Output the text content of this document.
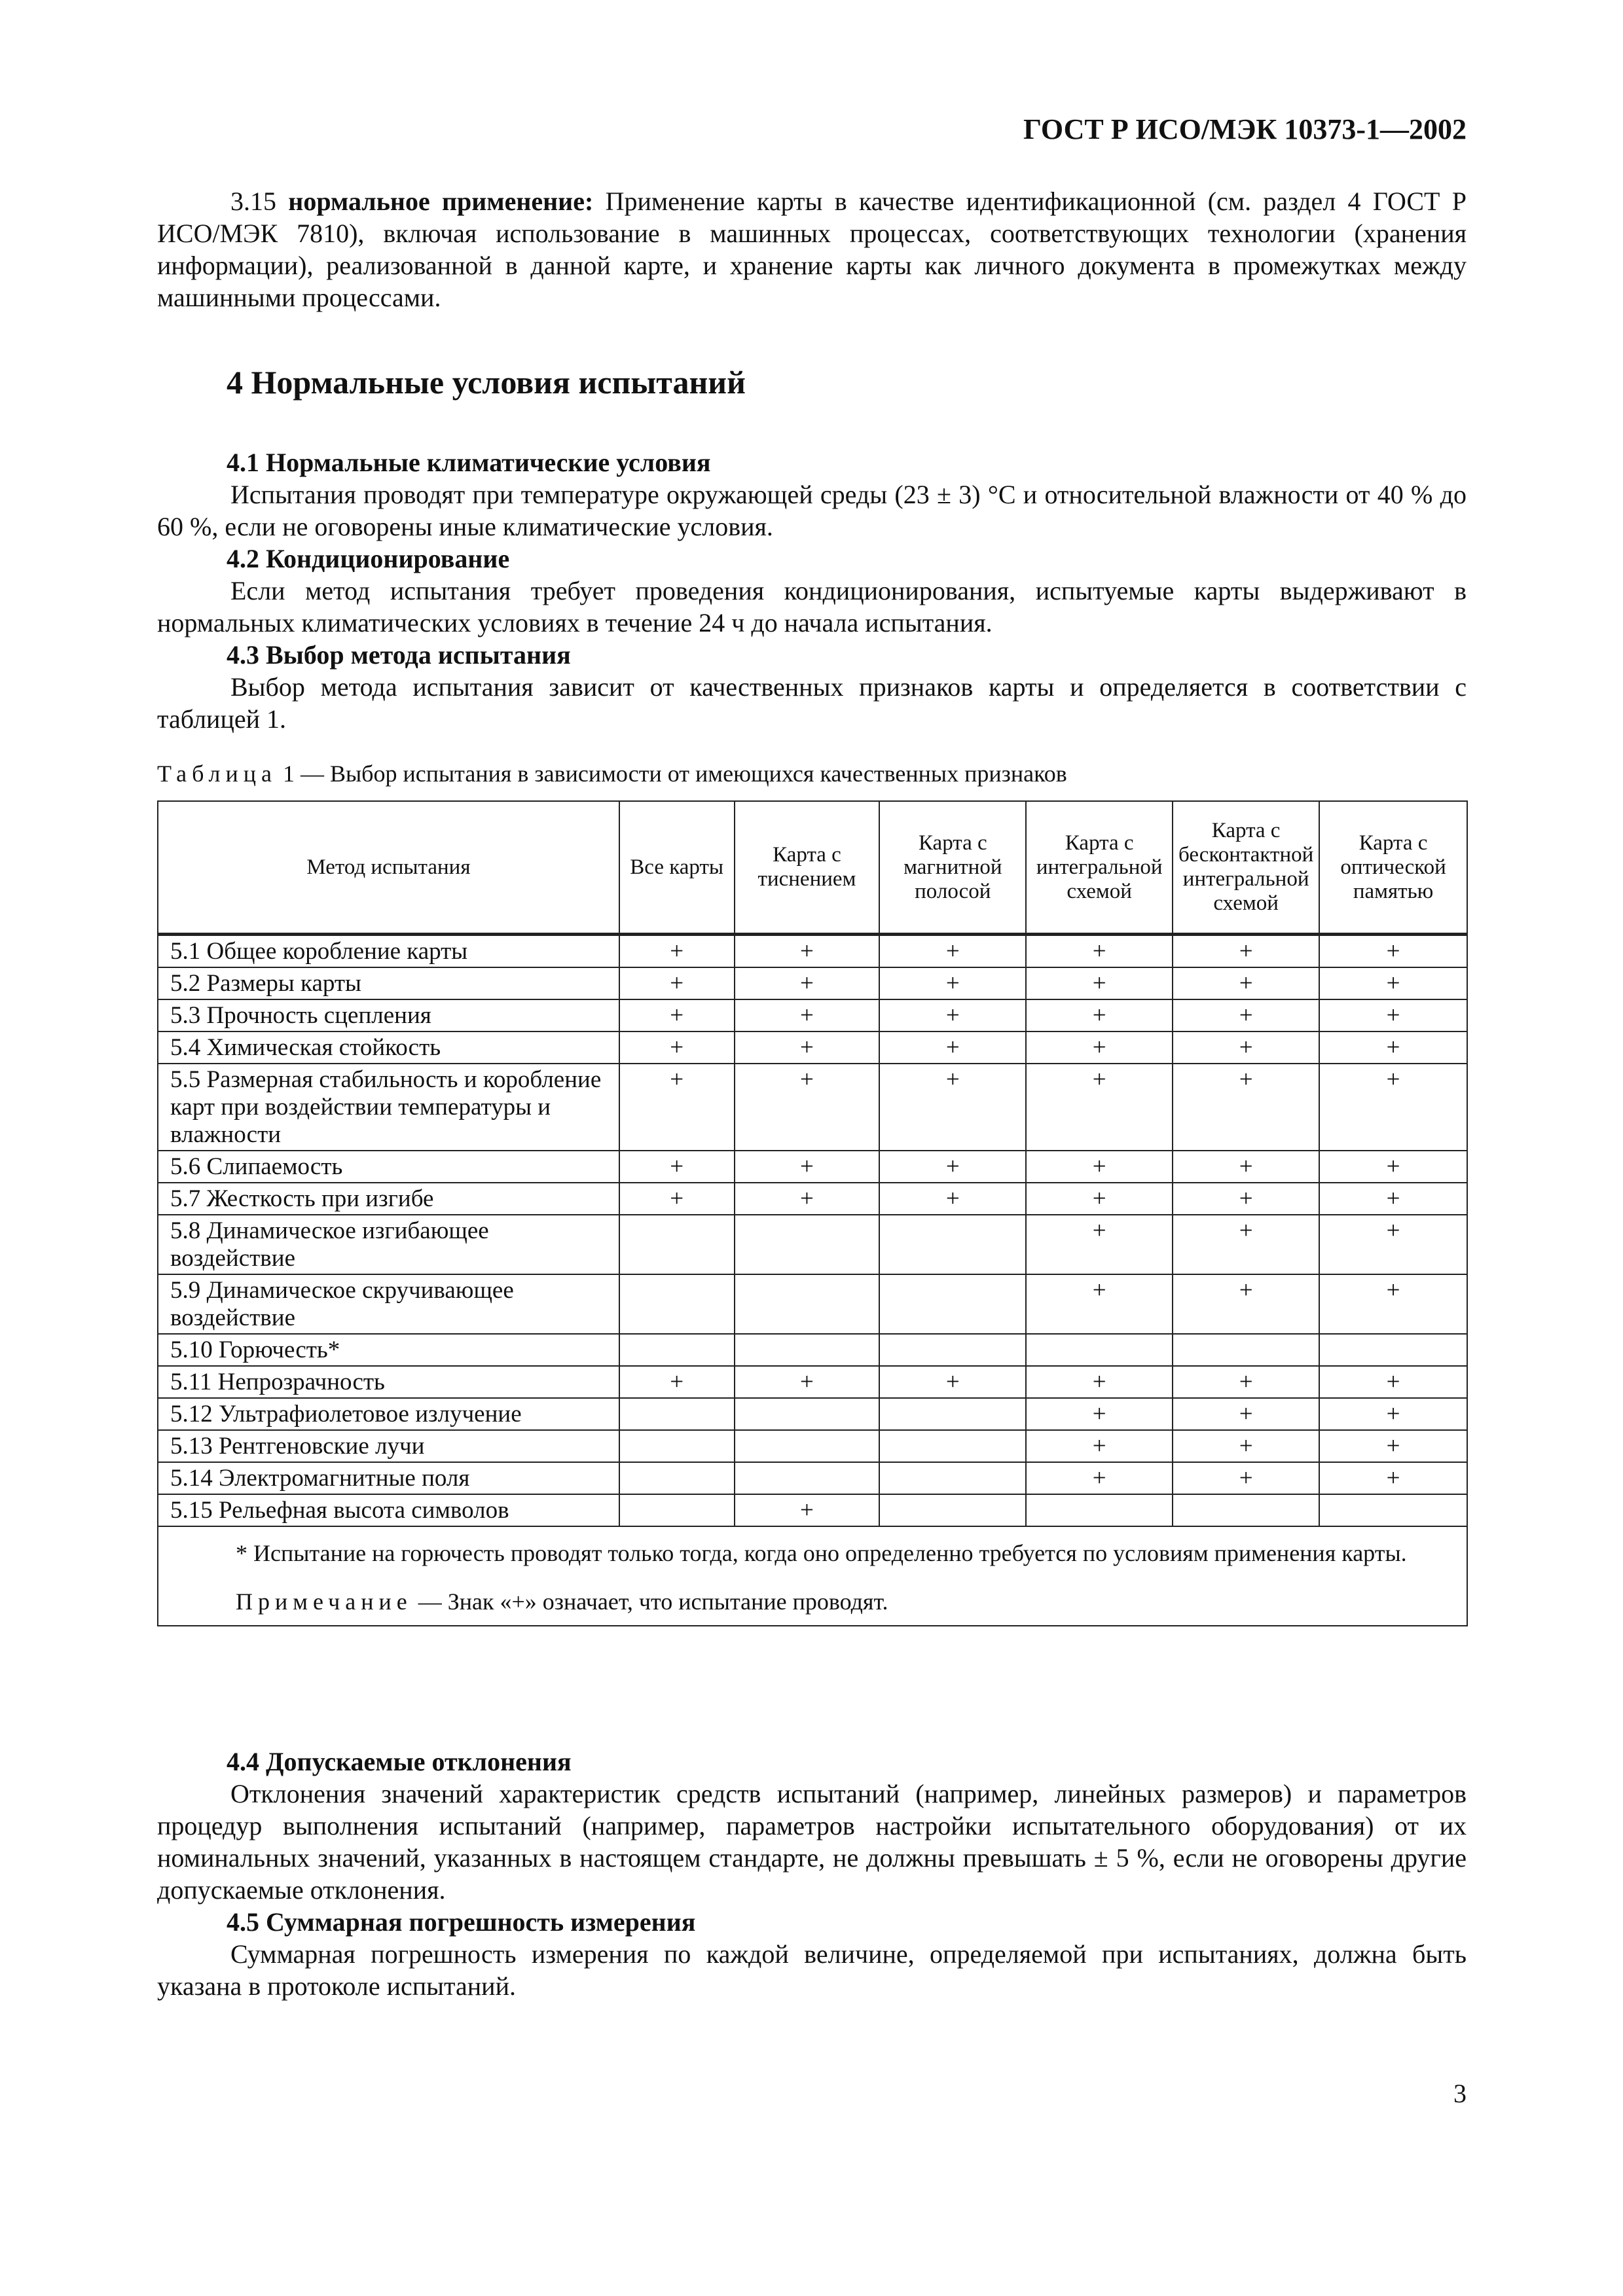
ГОСТ Р ИСО/МЭК 10373-1—2002

3.15 нормальное применение: Применение карты в качестве идентификационной (см. раздел 4 ГОСТ Р ИСО/МЭК 7810), включая использование в машинных процессах, соответствующих технологии (хранения информации), реализованной в данной карте, и хранение карты как личного документа в промежутках между машинными процессами.

4 Нормальные условия испытаний

4.1 Нормальные климатические условия

Испытания проводят при температуре окружающей среды (23 ± 3) °С и относительной влажности от 40 % до 60 %, если не оговорены иные климатические условия.

4.2 Кондиционирование

Если метод испытания требует проведения кондиционирования, испытуемые карты выдерживают в нормальных климатических условиях в течение 24 ч до начала испытания.

4.3 Выбор метода испытания

Выбор метода испытания зависит от качественных признаков карты и определяется в соответствии с таблицей 1.

Таблица 1 — Выбор испытания в зависимости от имеющихся качественных признаков
Метод испытания	Все карты	Карта с тиснением	Карта с магнитной полосой	Карта с интегральной схемой	Карта с бесконтактной интегральной схемой	Карта с оптической памятью
5.1 Общее коробление карты	+	+	+	+	+	+
5.2 Размеры карты	+	+	+	+	+	+
5.3 Прочность сцепления	+	+	+	+	+	+
5.4 Химическая стойкость	+	+	+	+	+	+
5.5 Размерная стабильность и коробление карт при воздействии температуры и влажности	+	+	+	+	+	+
5.6 Слипаемость	+	+	+	+	+	+
5.7 Жесткость при изгибе	+	+	+	+	+	+
5.8 Динамическое изгибающее воздействие				+	+	+
5.9 Динамическое скручивающее воздействие				+	+	+
5.10 Горючесть*						
5.11 Непрозрачность	+	+	+	+	+	+
5.12 Ультрафиолетовое излучение				+	+	+
5.13 Рентгеновские лучи				+	+	+
5.14 Электромагнитные поля				+	+	+
5.15 Рельефная высота символов		+				

* Испытание на горючесть проводят только тогда, когда оно определенно требуется по условиям применения карты.

Примечание — Знак «+» означает, что испытание проводят.						

4.4 Допускаемые отклонения

Отклонения значений характеристик средств испытаний (например, линейных размеров) и параметров процедур выполнения испытаний (например, параметров настройки испытательного оборудования) от их номинальных значений, указанных в настоящем стандарте, не должны превышать ± 5 %, если не оговорены другие допускаемые отклонения.

4.5 Суммарная погрешность измерения

Суммарная погрешность измерения по каждой величине, определяемой при испытаниях, должна быть указана в протоколе испытаний.

3
